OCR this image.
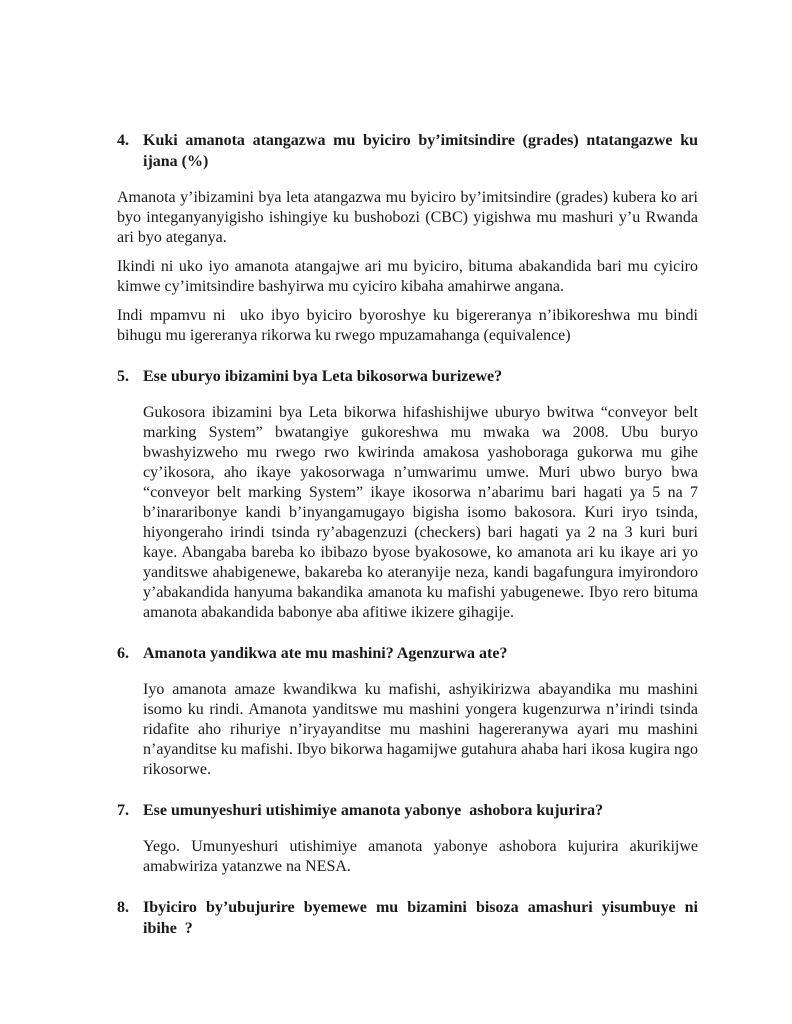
4. Kuki amanota atangazwa mu byiciro by’imitsindire (grades) ntatangazwe ku ijana (%)

Amanota y’ibizamini bya leta atangazwa mu byiciro by’imitsindire (grades) kubera ko ari byo integanyanyigisho ishingiye ku bushobozi (CBC) yigishwa mu mashuri y’u Rwanda ari byo ateganya.

Ikindi ni uko iyo amanota atangajwe ari mu byiciro, bituma abakandida bari mu cyiciro kimwe cy’imitsindire bashyirwa mu cyiciro kibaha amahirwe angana.

Indi mpamvu ni  uko ibyo byiciro byoroshye ku bigereranya n’ibikoreshwa mu bindi bihugu mu igereranya rikorwa ku rwego mpuzamahanga (equivalence)

5. Ese uburyo ibizamini bya Leta bikosorwa burizewe?

Gukosora ibizamini bya Leta bikorwa hifashishijwe uburyo bwitwa “conveyor belt marking System” bwatangiye gukoreshwa mu mwaka wa 2008. Ubu buryo bwashyizweho mu rwego rwo kwirinda amakosa yashoboraga gukorwa mu gihe cy’ikosora, aho ikaye yakosorwaga n’umwarimu umwe. Muri ubwo buryo bwa “conveyor belt marking System” ikaye ikosorwa n’abarimu bari hagati ya 5 na 7 b’inararibonye kandi b’inyangamugayo bigisha isomo bakosora. Kuri iryo tsinda, hiyongeraho irindi tsinda ry’abagenzuzi (checkers) bari hagati ya 2 na 3 kuri buri kaye. Abangaba bareba ko ibibazo byose byakosowe, ko amanota ari ku ikaye ari yo yanditswe ahabigenewe, bakareba ko ateranyije neza, kandi bagafungura imyirondoro y’abakandida hanyuma bakandika amanota ku mafishi yabugenewe. Ibyo rero bituma amanota abakandida babonye aba afitiwe ikizere gihagije.

6. Amanota yandikwa ate mu mashini? Agenzurwa ate?

Iyo amanota amaze kwandikwa ku mafishi, ashyikirizwa abayandika mu mashini isomo ku rindi. Amanota yanditswe mu mashini yongera kugenzurwa n’irindi tsinda ridafite aho rihuriye n’iryayanditse mu mashini hagereranywa ayari mu mashini n’ayanditse ku mafishi. Ibyo bikorwa hagamijwe gutahura ahaba hari ikosa kugira ngo rikosorwe.

7. Ese umunyeshuri utishimiye amanota yabonye  ashobora kujurira?

Yego. Umunyeshuri utishimiye amanota yabonye ashobora kujurira akurikijwe amabwiriza yatanzwe na NESA.

8. Ibyiciro by’ubujurire byemewe mu bizamini bisoza amashuri yisumbuye ni ibihe  ?
